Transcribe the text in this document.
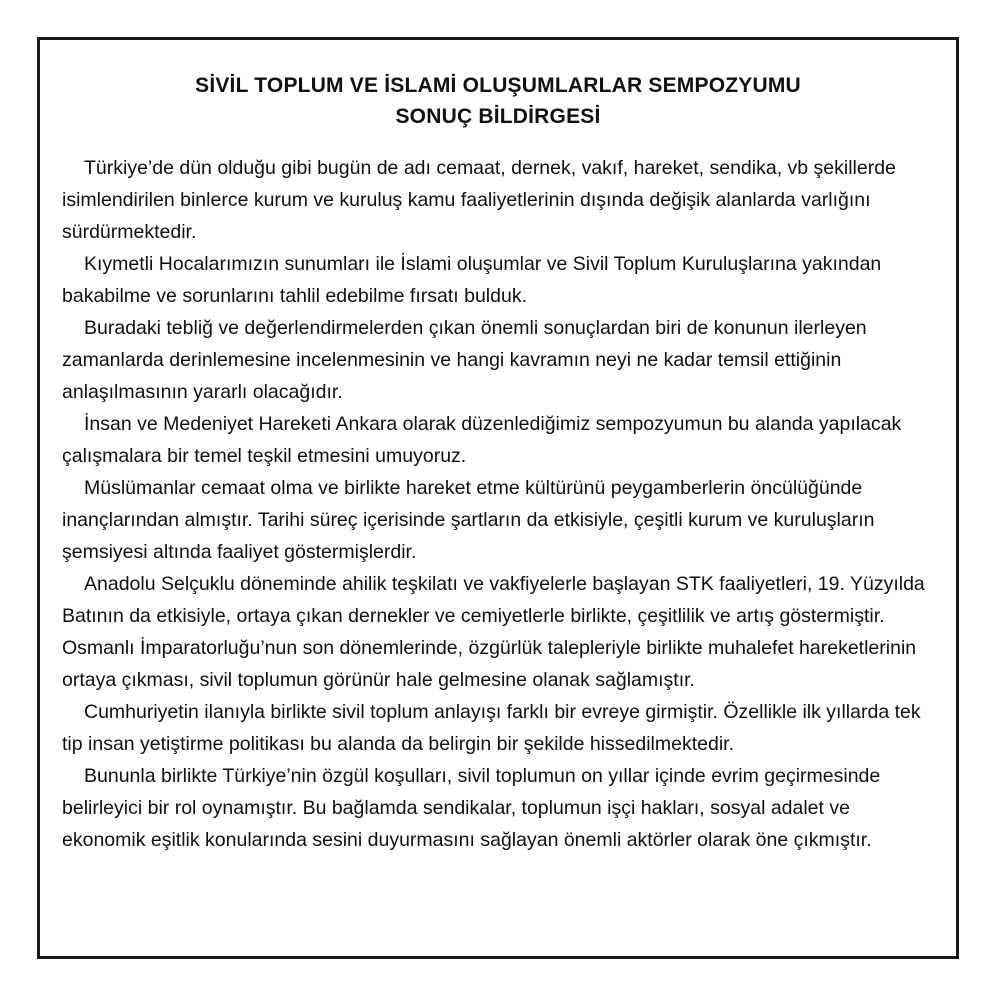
SİVİL TOPLUM VE İSLAMİ OLUŞUMLARLAR SEMPOZYUMU
SONUÇ BİLDİRGESİ

Türkiye’de dün olduğu gibi bugün de adı cemaat, dernek, vakıf, hareket, sendika, vb şekillerde isimlendirilen binlerce kurum ve kuruluş kamu faaliyetlerinin dışında değişik alanlarda varlığını sürdürmektedir.

Kıymetli Hocalarımızın sunumları ile İslami oluşumlar ve Sivil Toplum Kuruluşlarına yakından bakabilme ve sorunlarını tahlil edebilme fırsatı bulduk.

Buradaki tebliğ ve değerlendirmelerden çıkan önemli sonuçlardan biri de konunun ilerleyen zamanlarda derinlemesine incelenmesinin ve hangi kavramın neyi ne kadar temsil ettiğinin anlaşılmasının yararlı olacağıdır.

İnsan ve Medeniyet Hareketi Ankara olarak düzenlediğimiz sempozyumun bu alanda yapılacak çalışmalara bir temel teşkil etmesini umuyoruz.

Müslümanlar cemaat olma ve birlikte hareket etme kültürünü peygamberlerin öncülüğünde inançlarından almıştır. Tarihi süreç içerisinde şartların da etkisiyle, çeşitli kurum ve kuruluşların şemsiyesi altında faaliyet göstermişlerdir.

Anadolu Selçuklu döneminde ahilik teşkilatı ve vakfiyelerle başlayan STK faaliyetleri, 19. Yüzyılda Batının da etkisiyle, ortaya çıkan dernekler ve cemiyetlerle birlikte, çeşitlilik ve artış göstermiştir. Osmanlı İmparatorluğu’nun son dönemlerinde, özgürlük talepleriyle birlikte muhalefet hareketlerinin ortaya çıkması, sivil toplumun görünür hale gelmesine olanak sağlamıştır.

Cumhuriyetin ilanıyla birlikte sivil toplum anlayışı farklı bir evreye girmiştir. Özellikle ilk yıllarda tek tip insan yetiştirme politikası bu alanda da belirgin bir şekilde hissedilmektedir.

Bununla birlikte Türkiye’nin özgül koşulları, sivil toplumun on yıllar içinde evrim geçirmesinde belirleyici bir rol oynamıştır. Bu bağlamda sendikalar, toplumun işçi hakları, sosyal adalet ve ekonomik eşitlik konularında sesini duyurmasını sağlayan önemli aktörler olarak öne çıkmıştır.
